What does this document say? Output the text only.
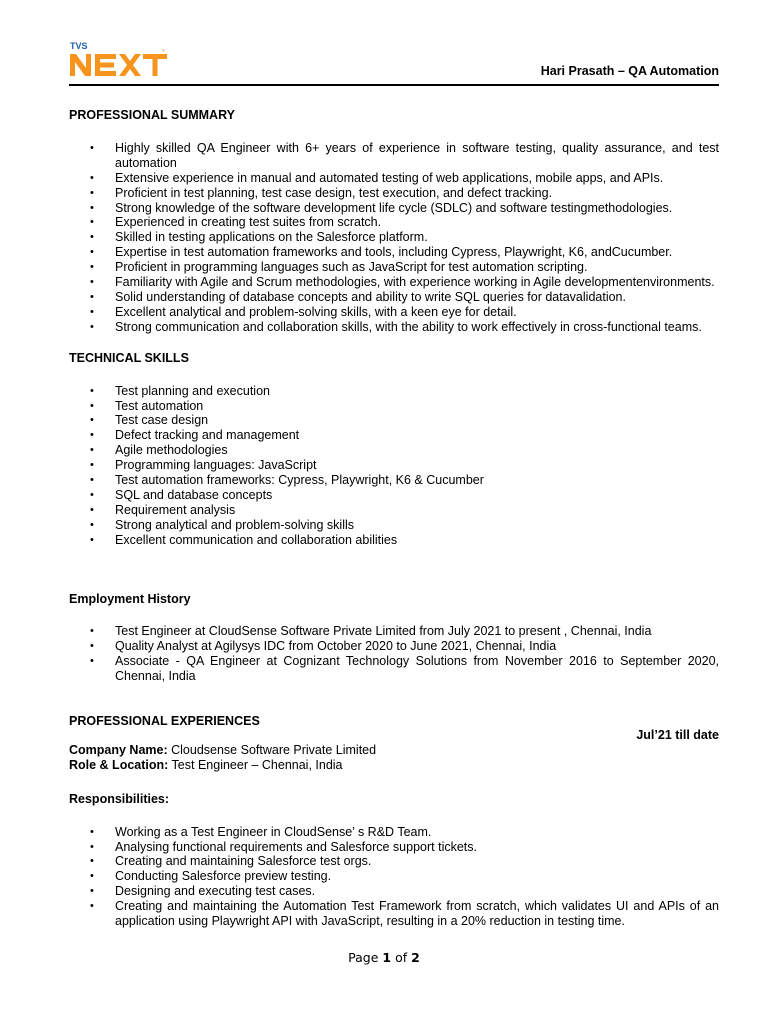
TVS	®
Hari Prasath – QA Automation
PROFESSIONAL SUMMARY
• Highly skilled QA Engineer with 6+ years of experience in software testing, quality assurance, and test automation
• Extensive experience in manual and automated testing of web applications, mobile apps, and APIs.
• Proficient in test planning, test case design, test execution, and defect tracking.
• Strong knowledge of the software development life cycle (SDLC) and software testingmethodologies.
• Experienced in creating test suites from scratch.
• Skilled in testing applications on the Salesforce platform.
• Expertise in test automation frameworks and tools, including Cypress, Playwright, K6, andCucumber.
• Proficient in programming languages such as JavaScript for test automation scripting.
• Familiarity with Agile and Scrum methodologies, with experience working in Agile developmentenvironments.
• Solid understanding of database concepts and ability to write SQL queries for datavalidation.
• Excellent analytical and problem-solving skills, with a keen eye for detail.
• Strong communication and collaboration skills, with the ability to work effectively in cross-functional teams.
TECHNICAL SKILLS
• Test planning and execution
• Test automation
• Test case design
• Defect tracking and management
• Agile methodologies
• Programming languages: JavaScript
• Test automation frameworks: Cypress, Playwright, K6 & Cucumber
• SQL and database concepts
• Requirement analysis
• Strong analytical and problem-solving skills
• Excellent communication and collaboration abilities
Employment History
• Test Engineer at CloudSense Software Private Limited from July 2021 to present , Chennai, India
• Quality Analyst at Agilysys IDC from October 2020 to June 2021, Chennai, India
• Associate - QA Engineer at Cognizant Technology Solutions from November 2016 to September 2020, Chennai, India
PROFESSIONAL EXPERIENCES
Jul’21 till date
Company Name: Cloudsense Software Private Limited
Role & Location: Test Engineer – Chennai, India
Responsibilities:
• Working as a Test Engineer in CloudSense’ s R&D Team.
• Analysing functional requirements and Salesforce support tickets.
• Creating and maintaining Salesforce test orgs.
• Conducting Salesforce preview testing.
• Designing and executing test cases.
• Creating and maintaining the Automation Test Framework from scratch, which validates UI and APIs of an application using Playwright API with JavaScript, resulting in a 20% reduction in testing time.
Page 1 of 2
